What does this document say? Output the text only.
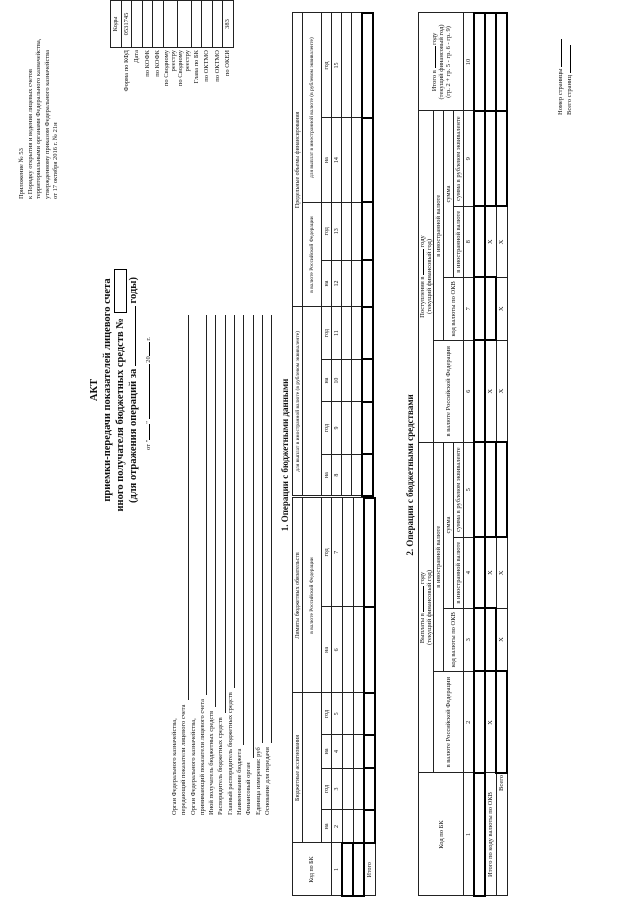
Приложение № 53 к Порядку открытия и ведения лицевых счетов территориальными органами Федерального казначейства, утвержденному приказом Федерального казначейства от 17 октября 2016 г. № 21н
АКТ приемки-передачи показателей лицевого счета иного получателя бюджетных средств № (для отражения операций за  годы)
от ""  20 г.
	Коды
Форма по КФД	0531745
Дата	
по КОФК	
по КОФК	
по Сводному реестру	
по Сводному реестру	
Глава по БК	
по ОКТМО	
по ОКТМО	
по ОКЕИ	383
Орган Федерального казначейства, передающий показатели лицевого счета Орган Федерального казначейства, принимающий показатели лицевого счета Иной получатель бюджетных средств Распорядитель бюджетных средств Главный распорядитель бюджетных средств Наименование бюджета Финансовый орган Единица измерения: руб Основание для передачи
1. Операции с бюджетными данными
Код по БК	Бюджетные ассигнования				Лимиты бюджетных обязательств	
					в валюте Российской Федерации	
	на	год	на	год	на	год
1	2	3	4	5	6	7

Итого						
для выплат в иностранной валюте (в рублевом эквиваленте)				Предельные объемы финансирования			
				в валюте Российской Федерации		для выплат в иностранной валюте (в рублевом эквиваленте)	
на	год	на	год	на	год	на	год
8	9	10	11	12	13	14	15

2. Операции с бюджетными средствами
Код по БК	Выплаты в  году
(текущий финансовый год)				Поступления в  году
(текущий финансовый год)				Итого в  году
(текущий финансовый год)
(гр. 2 + гр. 5 - гр. 6 - гр. 9)
	в валюте Российской Федерации	в иностранной валюте			в валюте Российской Федерации	в иностранной валюте			
		код валюты по ОКВ	сумма			код валюты по ОКВ	сумма		
			в иностранной валюте	сумма в рублевом эквиваленте			в иностранной валюте	сумма в рублевом эквиваленте	
1	2	3	4	5	6	7	8	9	10

Итого по коду валюты по ОКВ	X		X		X		X		
Всего		X	X		X	X	X		
Номер страницы Всего страниц
